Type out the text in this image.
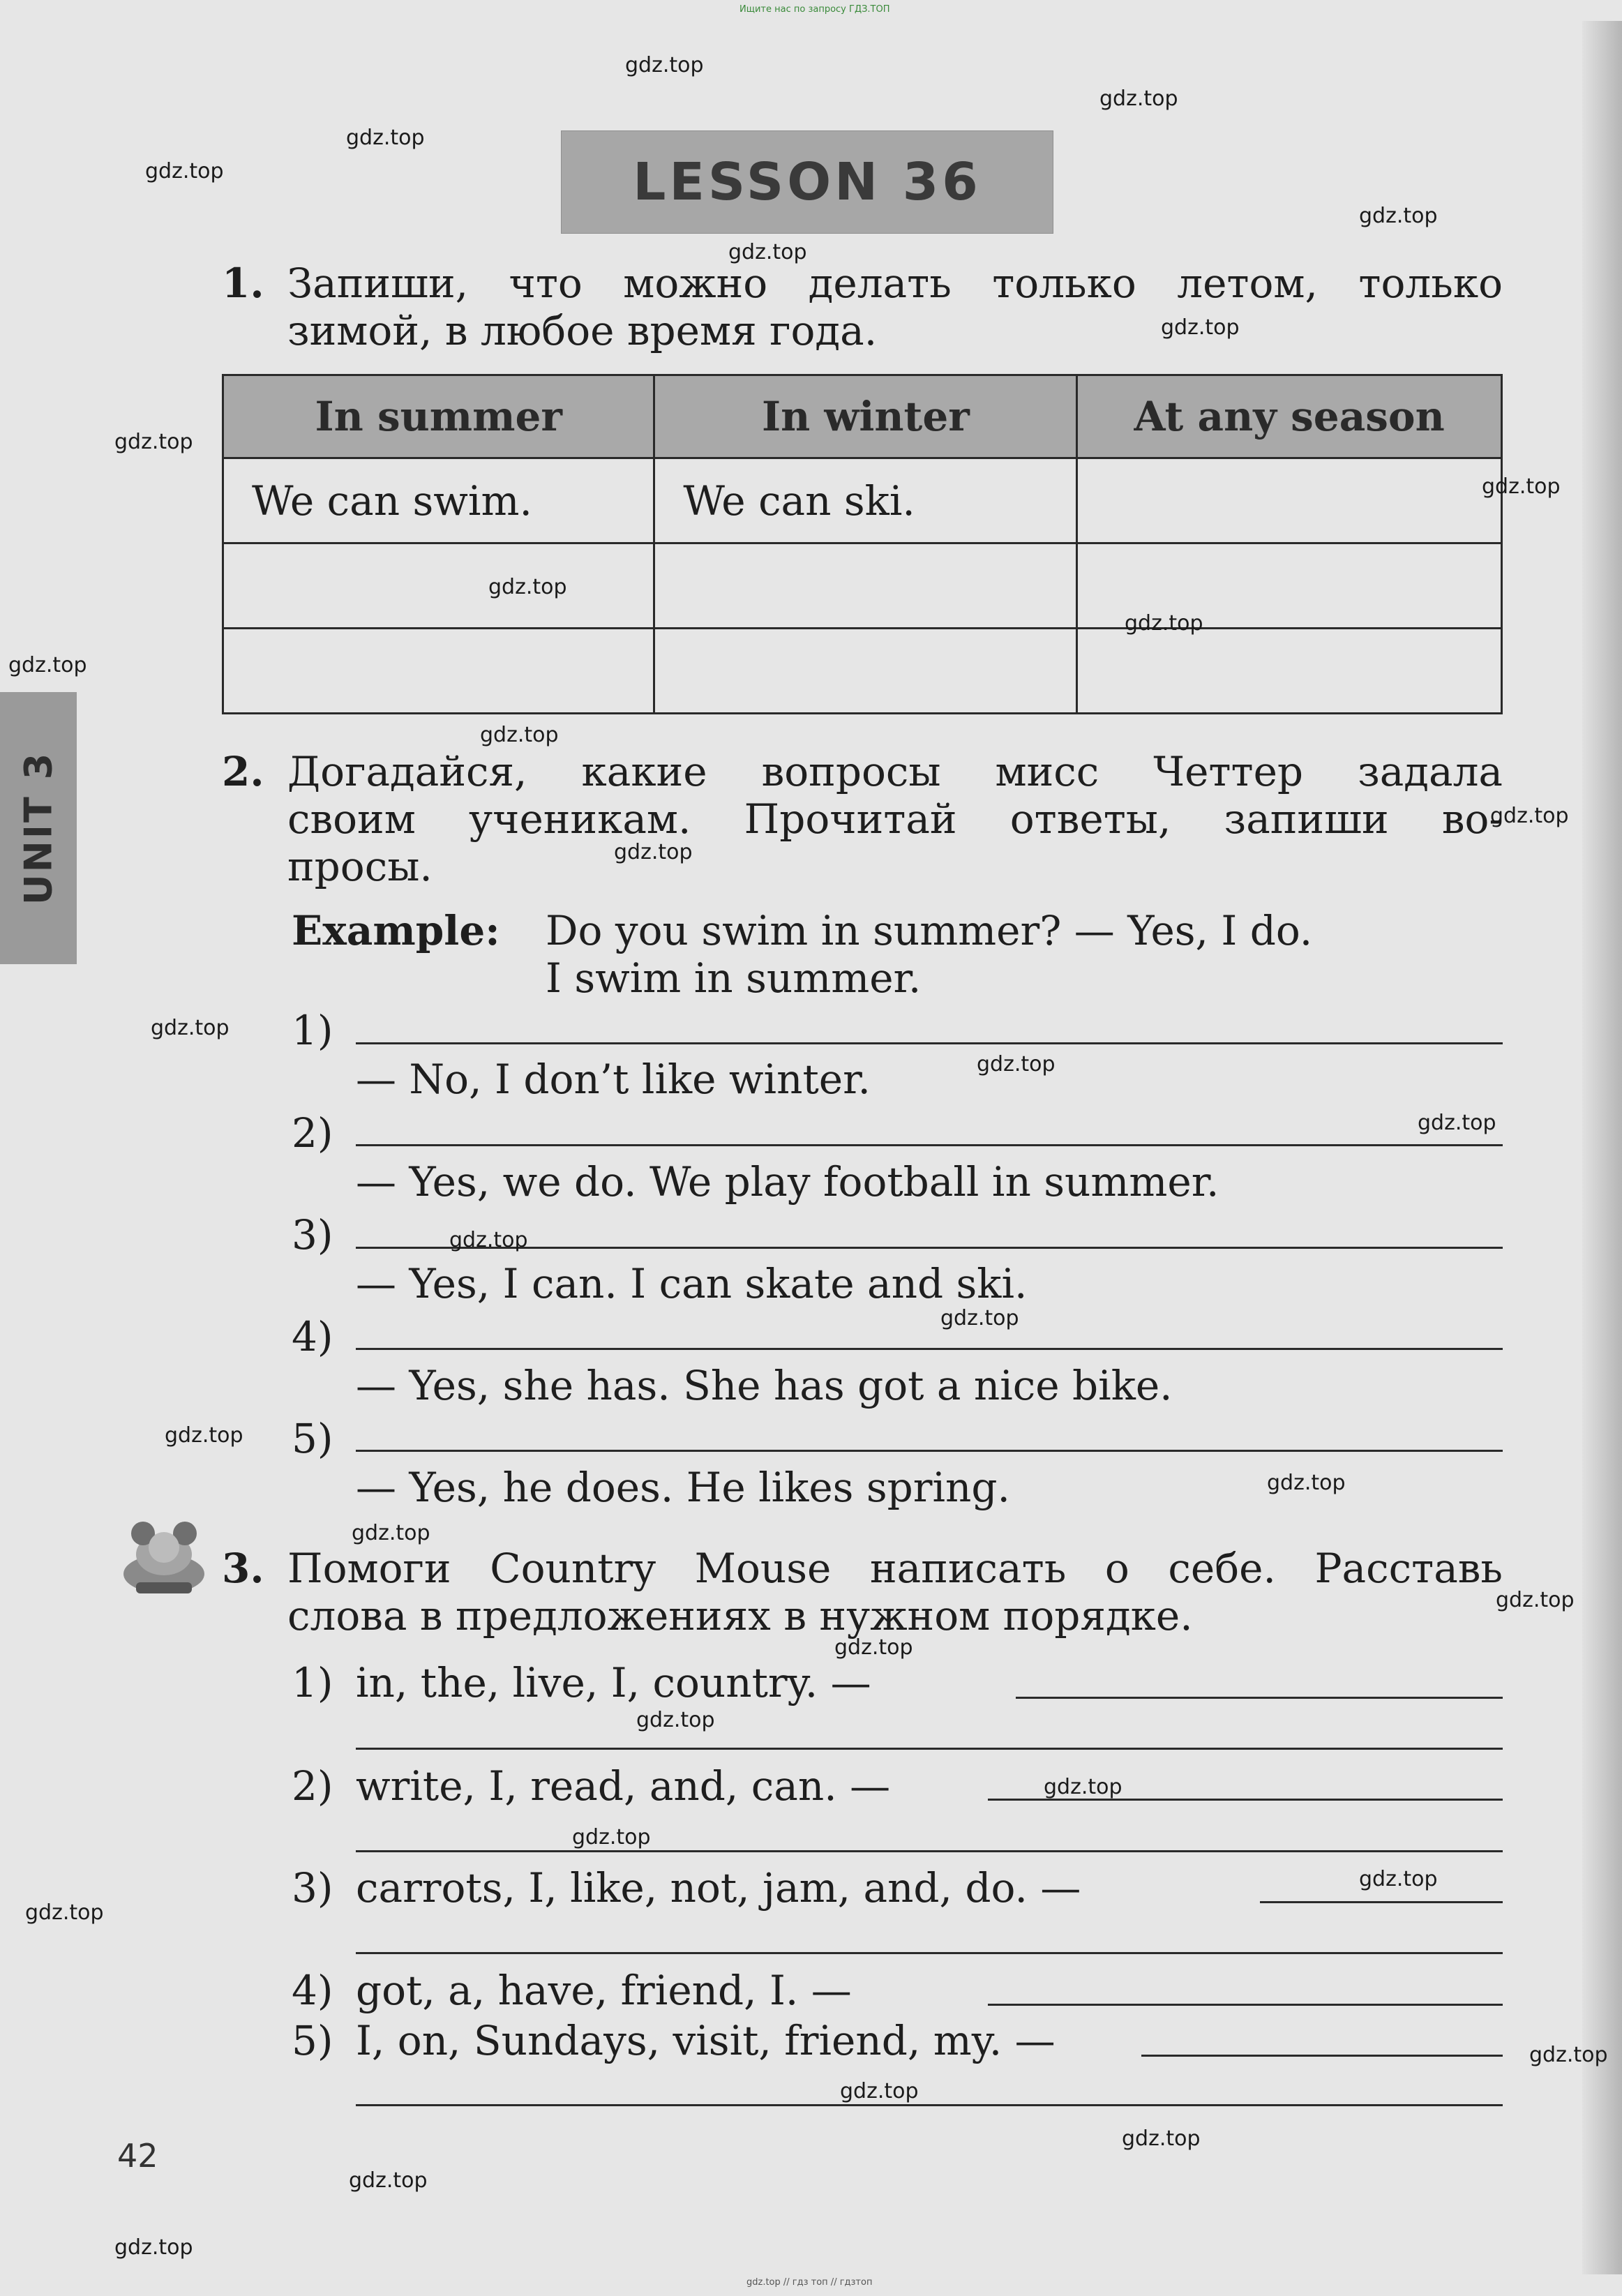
Ищите нас по запросу ГДЗ.ТОП
LESSON 36
UNIT 3
1. Запиши, что можно делать только летом, только
зимой, в любое время года.
In summer	In winter	At any season
We can swim.	We can ski.	

2. Догадайся, какие вопросы мисс Четтер задала
своим ученикам. Прочитай ответы, запиши во-
просы.
Example: Do you swim in summer? — Yes, I do.
I swim in summer.
1)
— No, I don’t like winter.
2)
— Yes, we do. We play football in summer.
3)
— Yes, I can. I can skate and ski.
4)
— Yes, she has. She has got a nice bike.
5)
— Yes, he does. He likes spring.
3. Помоги Country Mouse написать о себе. Расставь
слова в предложениях в нужном порядке.
1) in, the, live, I, country. —
2) write, I, read, and, can. —
3) carrots, I, like, not, jam, and, do. —
4) got, a, have, friend, I. —
5) I, on, Sundays, visit, friend, my. —
42
gdz.top // гдз топ // гдзтоп
gdz.top
gdz.top
gdz.top
gdz.top
gdz.top
gdz.top
gdz.top
gdz.top
gdz.top
gdz.top
gdz.top
gdz.top
gdz.top
gdz.top
gdz.top
gdz.top
gdz.top
gdz.top
gdz.top
gdz.top
gdz.top
gdz.top
gdz.top
gdz.top
gdz.top
gdz.top
gdz.top
gdz.top
gdz.top
gdz.top
gdz.top
gdz.top
gdz.top
gdz.top
gdz.top
